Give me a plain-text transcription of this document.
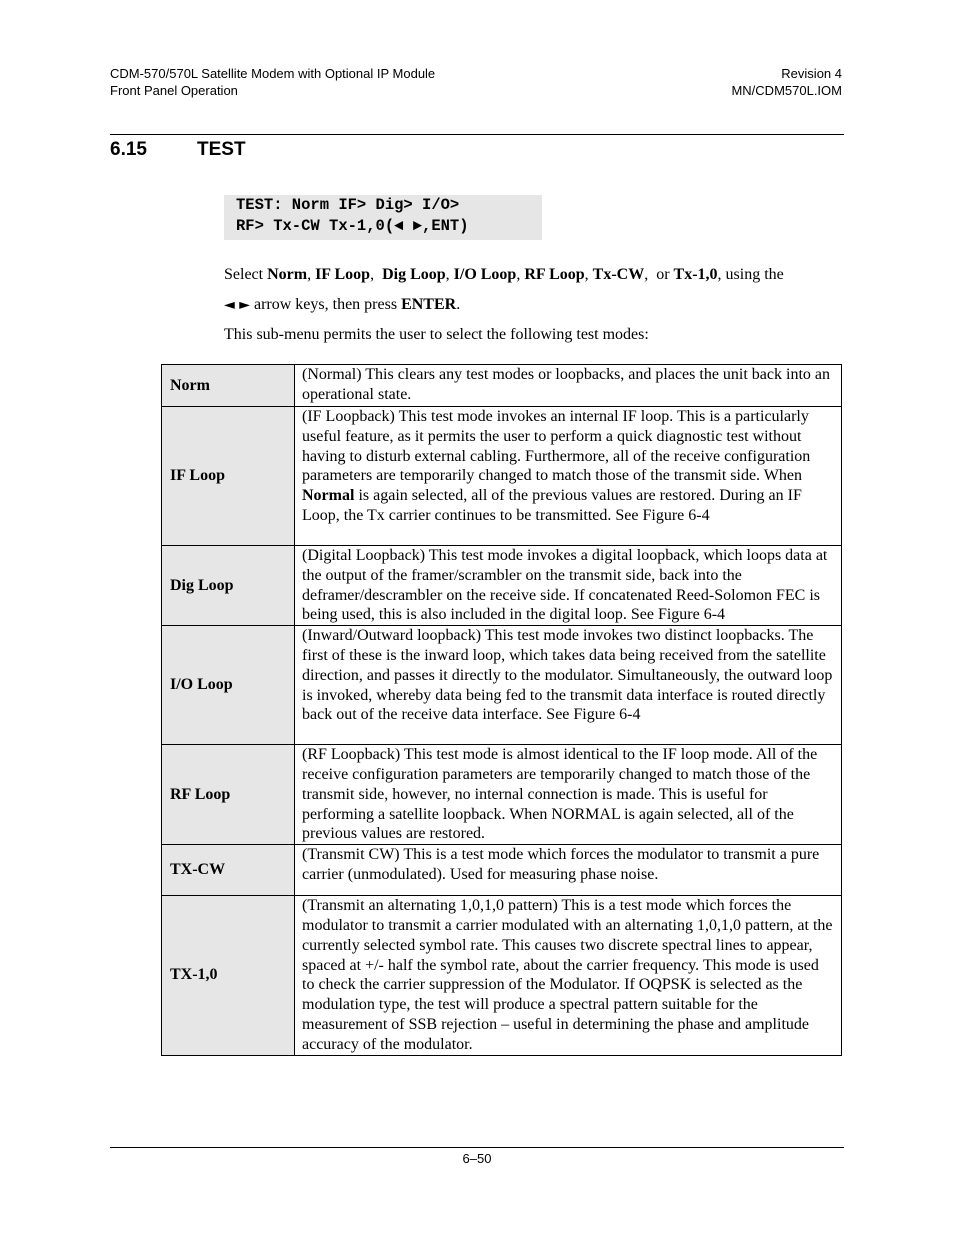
CDM-570/570L Satellite Modem with Optional IP Module
Front Panel Operation
Revision 4
MN/CDM570L.IOM
6.15	TEST
TEST: Norm IF> Dig> I/O>
RF> Tx-CW Tx-1,0(◄ ►,ENT)
Select Norm, IF Loop,  Dig Loop, I/O Loop, RF Loop, Tx-CW,  or Tx-1,0, using the
◄ ► arrow keys, then press ENTER.
This sub-menu permits the user to select the following test modes:
Norm	(Normal) This clears any test modes or loopbacks, and places the unit back into an operational state.
IF Loop	(IF Loopback) This test mode invokes an internal IF loop. This is a particularly useful feature, as it permits the user to perform a quick diagnostic test without having to disturb external cabling. Furthermore, all of the receive configuration parameters are temporarily changed to match those of the transmit side. When Normal is again selected, all of the previous values are restored. During an IF Loop, the Tx carrier continues to be transmitted. See Figure 6-4
Dig Loop	(Digital Loopback) This test mode invokes a digital loopback, which loops data at the output of the framer/scrambler on the transmit side, back into the deframer/descrambler on the receive side. If concatenated Reed-Solomon FEC is being used, this is also included in the digital loop. See Figure 6-4
I/O Loop	(Inward/Outward loopback) This test mode invokes two distinct loopbacks. The first of these is the inward loop, which takes data being received from the satellite direction, and passes it directly to the modulator. Simultaneously, the outward loop is invoked, whereby data being fed to the transmit data interface is routed directly back out of the receive data interface. See Figure 6-4
RF Loop	(RF Loopback) This test mode is almost identical to the IF loop mode. All of the receive configuration parameters are temporarily changed to match those of the transmit side, however, no internal connection is made. This is useful for performing a satellite loopback. When NORMAL is again selected, all of the previous values are restored.
TX-CW	(Transmit CW) This is a test mode which forces the modulator to transmit a pure carrier (unmodulated). Used for measuring phase noise.
TX-1,0	(Transmit an alternating 1,0,1,0 pattern) This is a test mode which forces the modulator to transmit a carrier modulated with an alternating 1,0,1,0 pattern, at the currently selected symbol rate. This causes two discrete spectral lines to appear, spaced at +/- half the symbol rate, about the carrier frequency. This mode is used to check the carrier suppression of the Modulator. If OQPSK is selected as the modulation type, the test will produce a spectral pattern suitable for the measurement of SSB rejection – useful in determining the phase and amplitude accuracy of the modulator.
6–50
